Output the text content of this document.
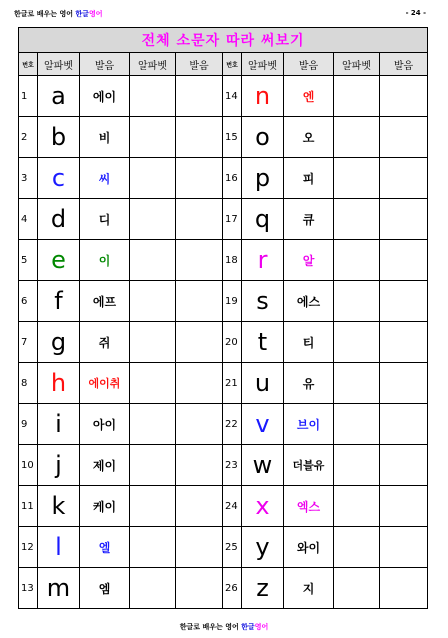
한글로 배우는 영어 한글영어	- 24 -
전체 소문자 따라 써보기									
번호	알파벳	발음	알파벳	발음	번호	알파벳	발음	알파벳	발음
1	a	에이			14	n	엔		
2	b	비			15	o	오		
3	c	씨			16	p	피		
4	d	디			17	q	큐		
5	e	이			18	r	알		
6	f	에프			19	s	에스		
7	g	쥐			20	t	티		
8	h	에이취			21	u	유		
9	i	아이			22	v	브이		
10	j	제이			23	w	더블유		
11	k	케이			24	x	엑스		
12	l	엘			25	y	와이		
13	m	엠			26	z	지		
한글로 배우는 영어 한글영어
